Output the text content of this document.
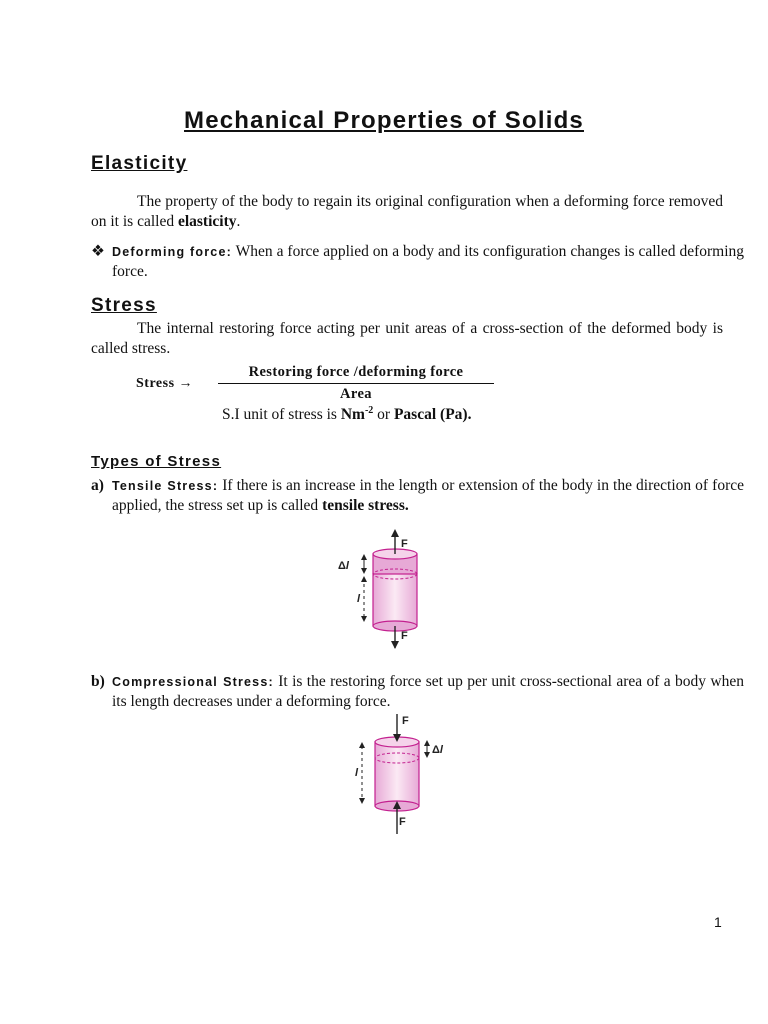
Mechanical Properties of Solids
Elasticity
The property of the body to regain its original configuration when a deforming force removed on it is called elasticity.
❖ Deforming force: When a force applied on a body and its configuration changes is called deforming force.
Stress
The internal restoring force acting per unit areas of a cross-section of the deformed body is called stress.
Stress →
Restoring force /deforming force
Area
S.I unit of stress is $Nm^{-2}$ or Pascal (Pa).
Types of Stress
a) Tensile Stress: If there is an increase in the length or extension of the body in the direction of force applied, the stress set up is called tensile stress.
F
F
Δl
l
b) Compressional Stress: It is the restoring force set up per unit cross-sectional area of a body when its length decreases under a deforming force.
F
F
Δl
l
1
